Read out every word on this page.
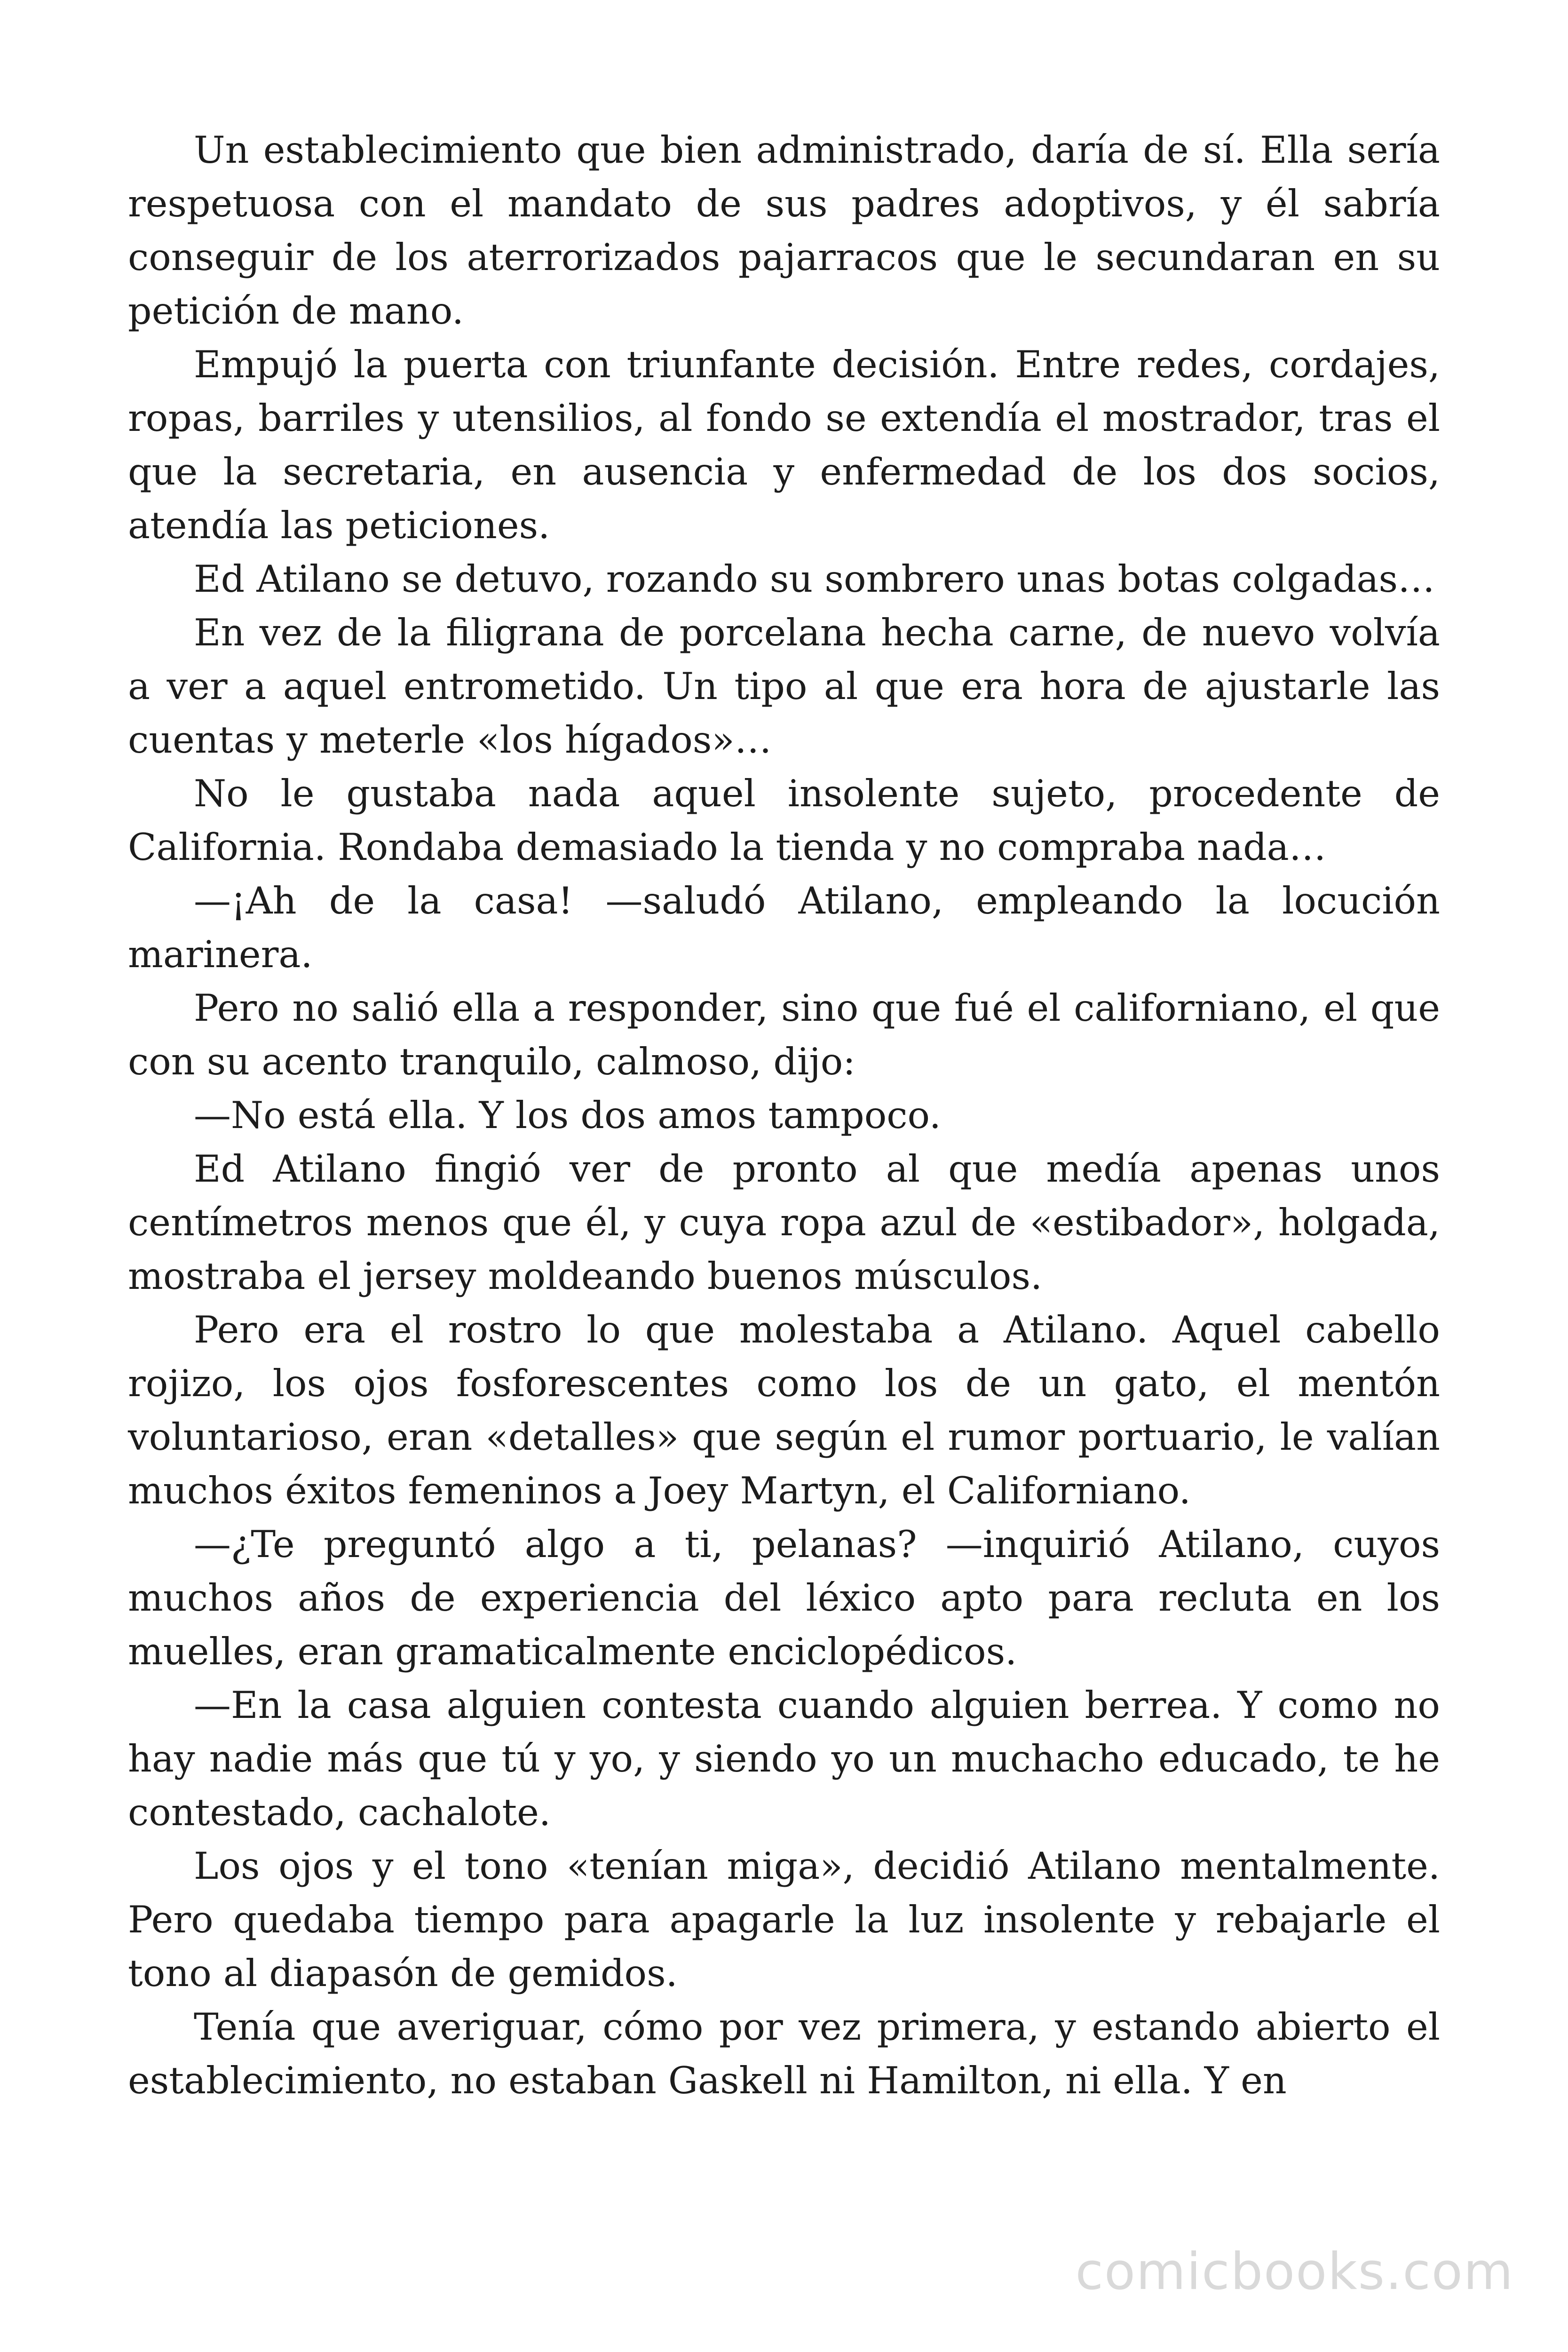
Un establecimiento que bien administrado, daría de sí. Ella sería respetuosa con el mandato de sus padres adoptivos, y él sabría conseguir de los aterrorizados pajarracos que le secundaran en su petición de mano.

Empujó la puerta con triunfante decisión. Entre redes, cordajes, ropas, barriles y utensilios, al fondo se extendía el mostrador, tras el que la secretaria, en ausencia y enfermedad de los dos socios, atendía las peticiones.

Ed Atilano se detuvo, rozando su sombrero unas botas colgadas…

En vez de la filigrana de porcelana hecha carne, de nuevo volvía a ver a aquel entrometido. Un tipo al que era hora de ajustarle las cuentas y meterle «los hígados»…

No le gustaba nada aquel insolente sujeto, procedente de California. Rondaba demasiado la tienda y no compraba nada…

—¡Ah de la casa! —saludó Atilano, empleando la locución marinera.

Pero no salió ella a responder, sino que fué el californiano, el que con su acento tranquilo, calmoso, dijo:

—No está ella. Y los dos amos tampoco.

Ed Atilano fingió ver de pronto al que medía apenas unos centímetros menos que él, y cuya ropa azul de «estibador», holgada, mostraba el jersey moldeando buenos músculos.

Pero era el rostro lo que molestaba a Atilano. Aquel cabello rojizo, los ojos fosforescentes como los de un gato, el mentón voluntarioso, eran «detalles» que según el rumor portuario, le valían muchos éxitos femeninos a Joey Martyn, el Californiano.

—¿Te preguntó algo a ti, pelanas? —inquirió Atilano, cuyos muchos años de experiencia del léxico apto para recluta en los muelles, eran gramaticalmente enciclopédicos.

—En la casa alguien contesta cuando alguien berrea. Y como no hay nadie más que tú y yo, y siendo yo un muchacho educado, te he contestado, cachalote.

Los ojos y el tono «tenían miga», decidió Atilano mentalmente. Pero quedaba tiempo para apagarle la luz insolente y rebajarle el tono al diapasón de gemidos.

Tenía que averiguar, cómo por vez primera, y estando abierto el establecimiento, no estaban Gaskell ni Hamilton, ni ella. Y en

comicbooks.com
